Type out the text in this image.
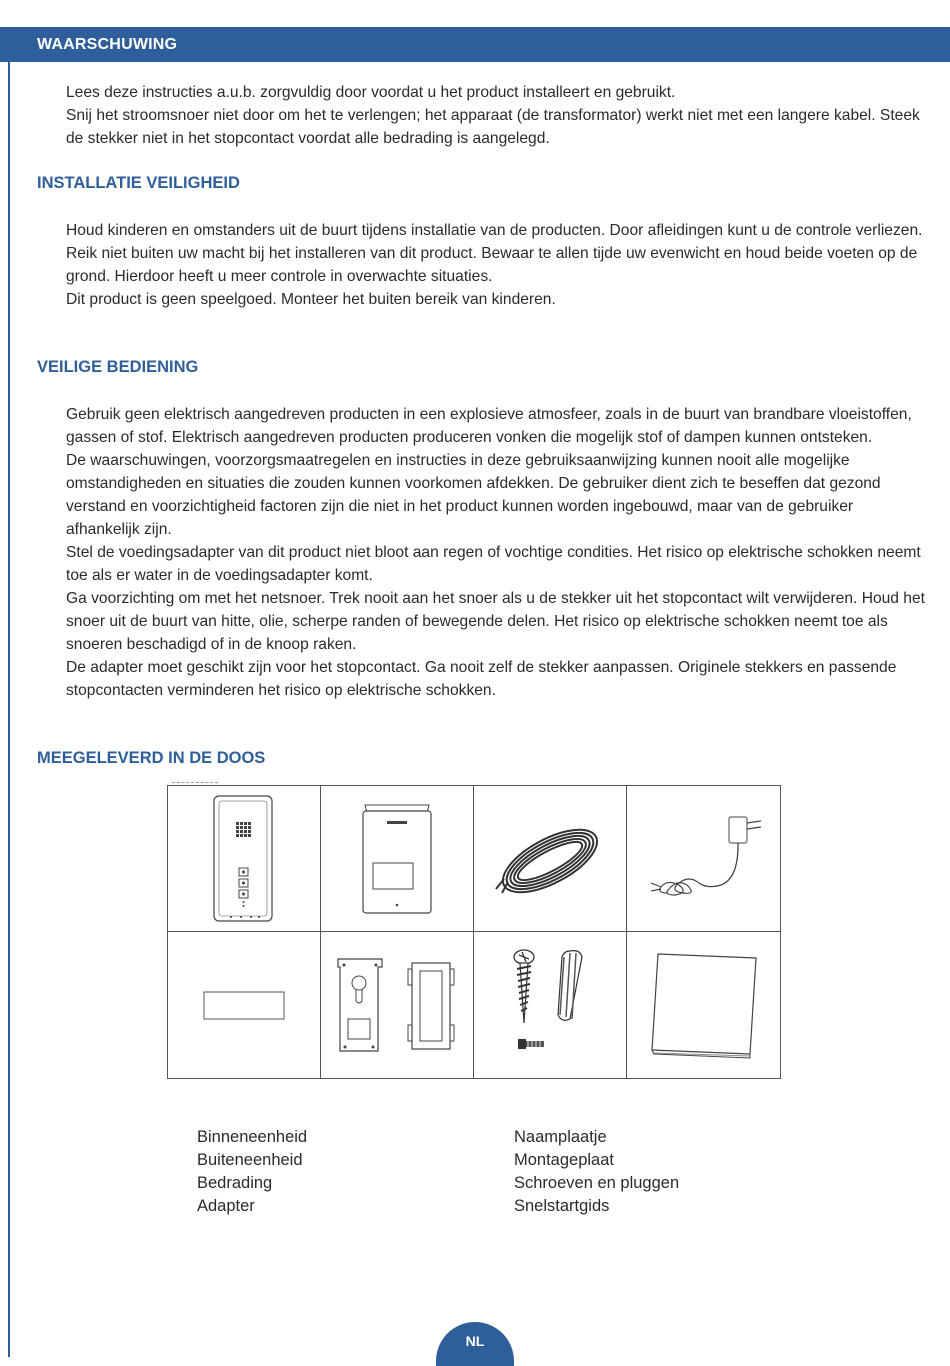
WAARSCHUWING

Lees deze instructies a.u.b. zorgvuldig door voordat u het product installeert en gebruikt.

Snij het stroomsnoer niet door om het te verlengen; het apparaat (de transformator) werkt niet met een langere kabel. Steek de stekker niet in het stopcontact voordat alle bedrading is aangelegd.

INSTALLATIE VEILIGHEID

Houd kinderen en omstanders uit de buurt tijdens installatie van de producten. Door afleidingen kunt u de controle verliezen.

Reik niet buiten uw macht bij het installeren van dit product. Bewaar te allen tijde uw evenwicht en houd beide voeten op de grond. Hierdoor heeft u meer controle in overwachte situaties.

Dit product is geen speelgoed. Monteer het buiten bereik van kinderen.

VEILIGE BEDIENING

Gebruik geen elektrisch aangedreven producten in een explosieve atmosfeer, zoals in de buurt van brandbare vloeistoffen, gassen of stof. Elektrisch aangedreven producten produceren vonken die mogelijk stof of dampen kunnen ontsteken.

De waarschuwingen, voorzorgsmaatregelen en instructies in deze gebruiksaanwijzing kunnen nooit alle mogelijke omstandigheden en situaties die zouden kunnen voorkomen afdekken. De gebruiker dient zich te beseffen dat gezond verstand en voorzichtigheid factoren zijn die niet in het product kunnen worden ingebouwd, maar van de gebruiker afhankelijk zijn.

Stel de voedingsadapter van dit product niet bloot aan regen of vochtige condities. Het risico op elektrische schokken neemt toe als er water in de voedingsadapter komt.

Ga voorzichting om met het netsnoer. Trek nooit aan het snoer als u de stekker uit het stopcontact wilt verwijderen. Houd het snoer uit de buurt van hitte, olie, scherpe randen of bewegende delen. Het risico op elektrische schokken neemt toe als snoeren beschadigd of in de knoop raken.

De adapter moet geschikt zijn voor het stopcontact. Ga nooit zelf de stekker aanpassen. Originele stekkers en passende stopcontacten verminderen het risico op elektrische schokken.

MEEGELEVERD IN DE DOOS
Binneneenheid
Buiteneenheid
Bedrading
Adapter
Naamplaatje
Montageplaat
Schroeven en pluggen
Snelstartgids
NL
